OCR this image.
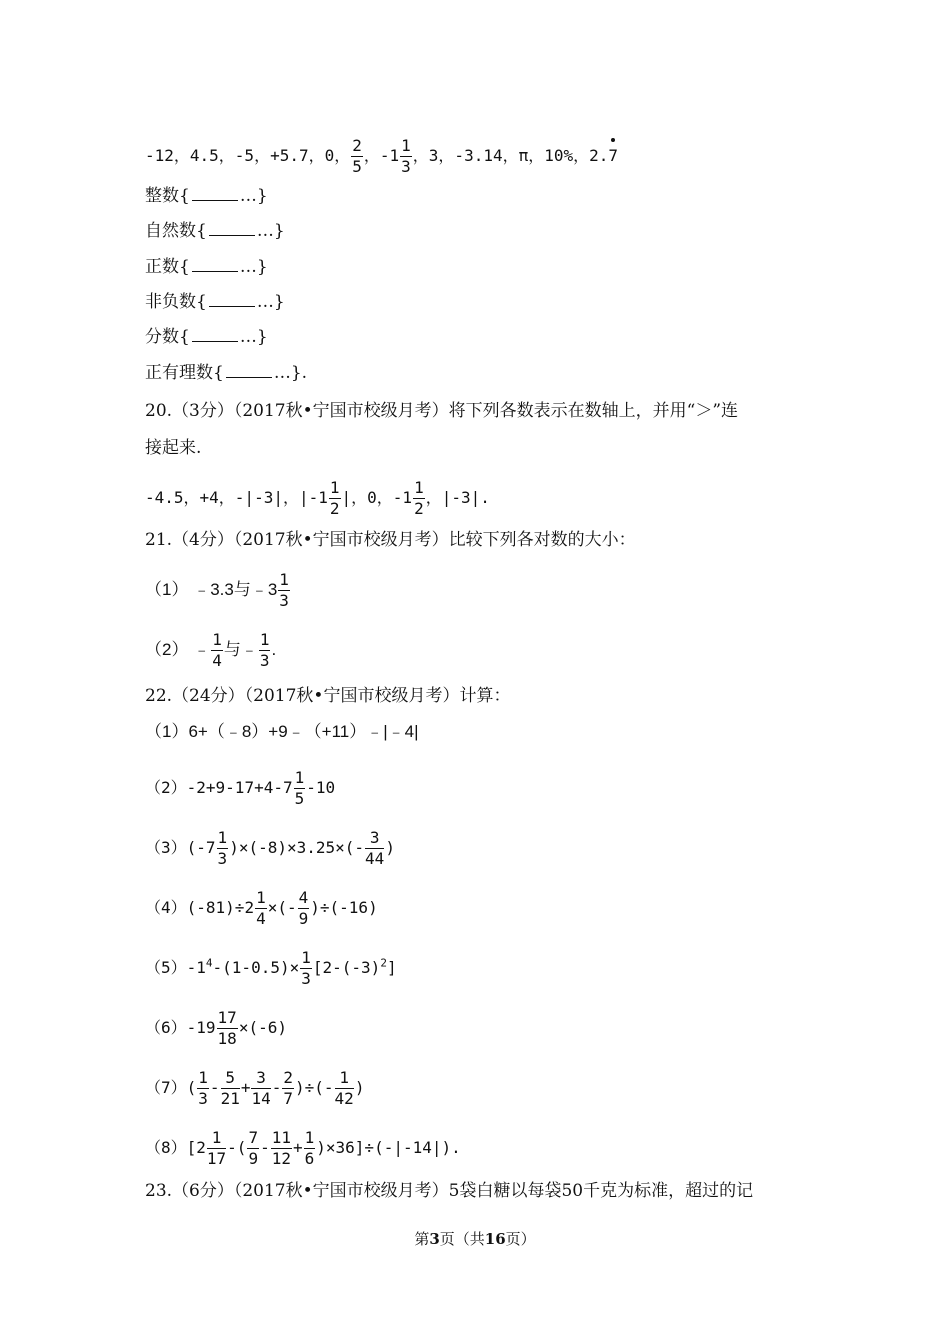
-12，4.5，-5，+5.7，0， $\frac{2}{5}$ ，$-1 \frac{1}{3}$ ，3，-3.14，π，10%，2.7
整数{	…}
自然数{	…}
正数{	…}
非负数{	…}
分数{	…}
正有理数{	…}.
20.（3分）（2017秋•宁国市校级月考）将下列各数表示在数轴上，并用“＞”连
接起来.
-4.5，+4，-|-3|，$|-1 \frac{1}{2}$ |，0，$-1 \frac{1}{2}$ ，|-3|.
21.（4分）（2017秋•宁国市校级月考）比较下列各对数的大小：
（1） ﹣3.3与﹣3 $\frac{1}{3}$
（2） ﹣ $\frac{1}{4}$ 与﹣ $\frac{1}{3}$ .
22.（24分）（2017秋•宁国市校级月考）计算：
（1）6+（﹣8）+9﹣（+11）﹣|﹣4|
$(2)-2+9-17+4-7 \frac{1}{5} -10$
$(3)(-7 \frac{1}{3} )\times(-8)\times 3.25\times(- \frac{3}{44}$ )
$(4)(-81)\div 2 \frac{1}{4}$ ×(- $\frac{4}{9} )\div(-16)$
$(5)-1^4-(1-0.5)\times \frac{1}{3} [2-(-3)^2]$
$(6)-19 \frac{17}{18} \times(-6)$
$(7)( \frac{1}{3} - \frac{5}{21} + \frac{3}{14} - \frac{2}{7}$ )÷(- $\frac{1}{42}$ )
$(8)[2 \frac{1}{17}$ -( $\frac{7}{9} - \frac{11}{12} + \frac{1}{6} )\times 36]\div(-|-14|)$.
23.（6分）（2017秋•宁国市校级月考）5袋白糖以每袋50千克为标准，超过的记
第3页（共16页）
